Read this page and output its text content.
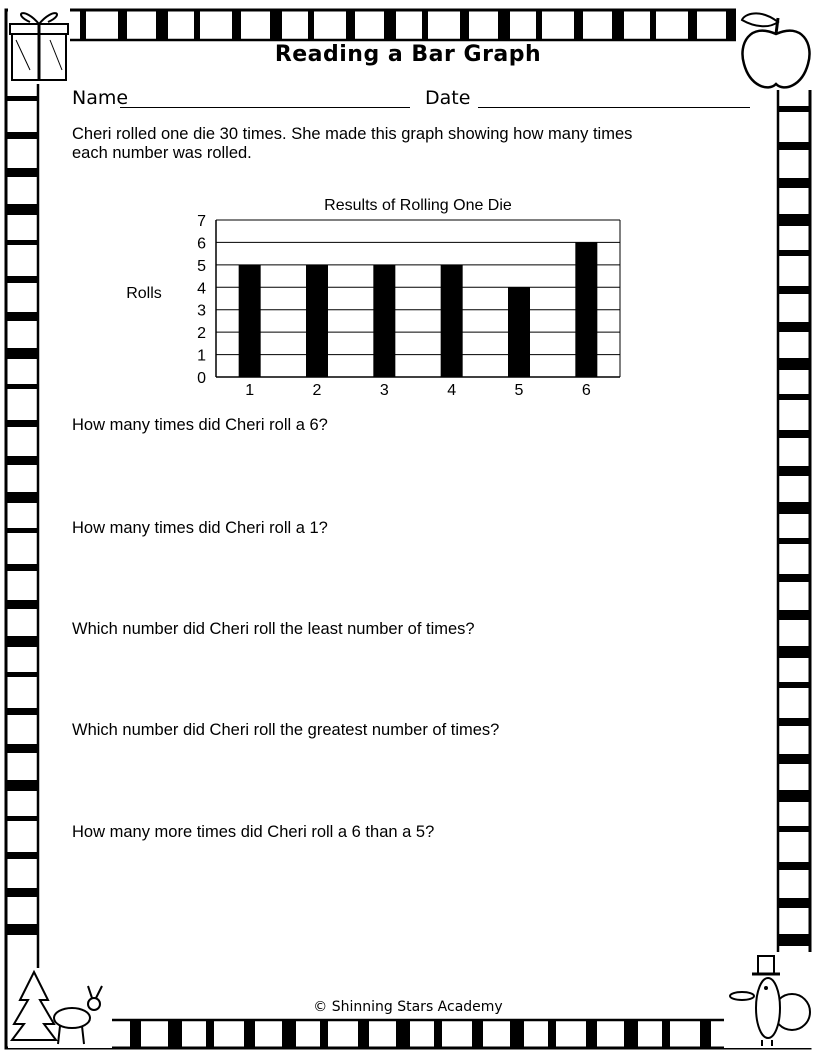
Reading a Bar Graph
Name	Date
Cheri rolled one die 30 times. She made this graph showing how many times
each number was rolled.
Results of Rolling One Die
Rolls
0
1
2
3
4
5
6
7
1	2	3	4	5	6
How many times did Cheri roll a 6?
How many times did Cheri roll a 1?
Which number did Cheri roll the least number of times?
Which number did Cheri roll the greatest number of times?
How many more times did Cheri roll a 6 than a 5?
© Shinning Stars Academy
